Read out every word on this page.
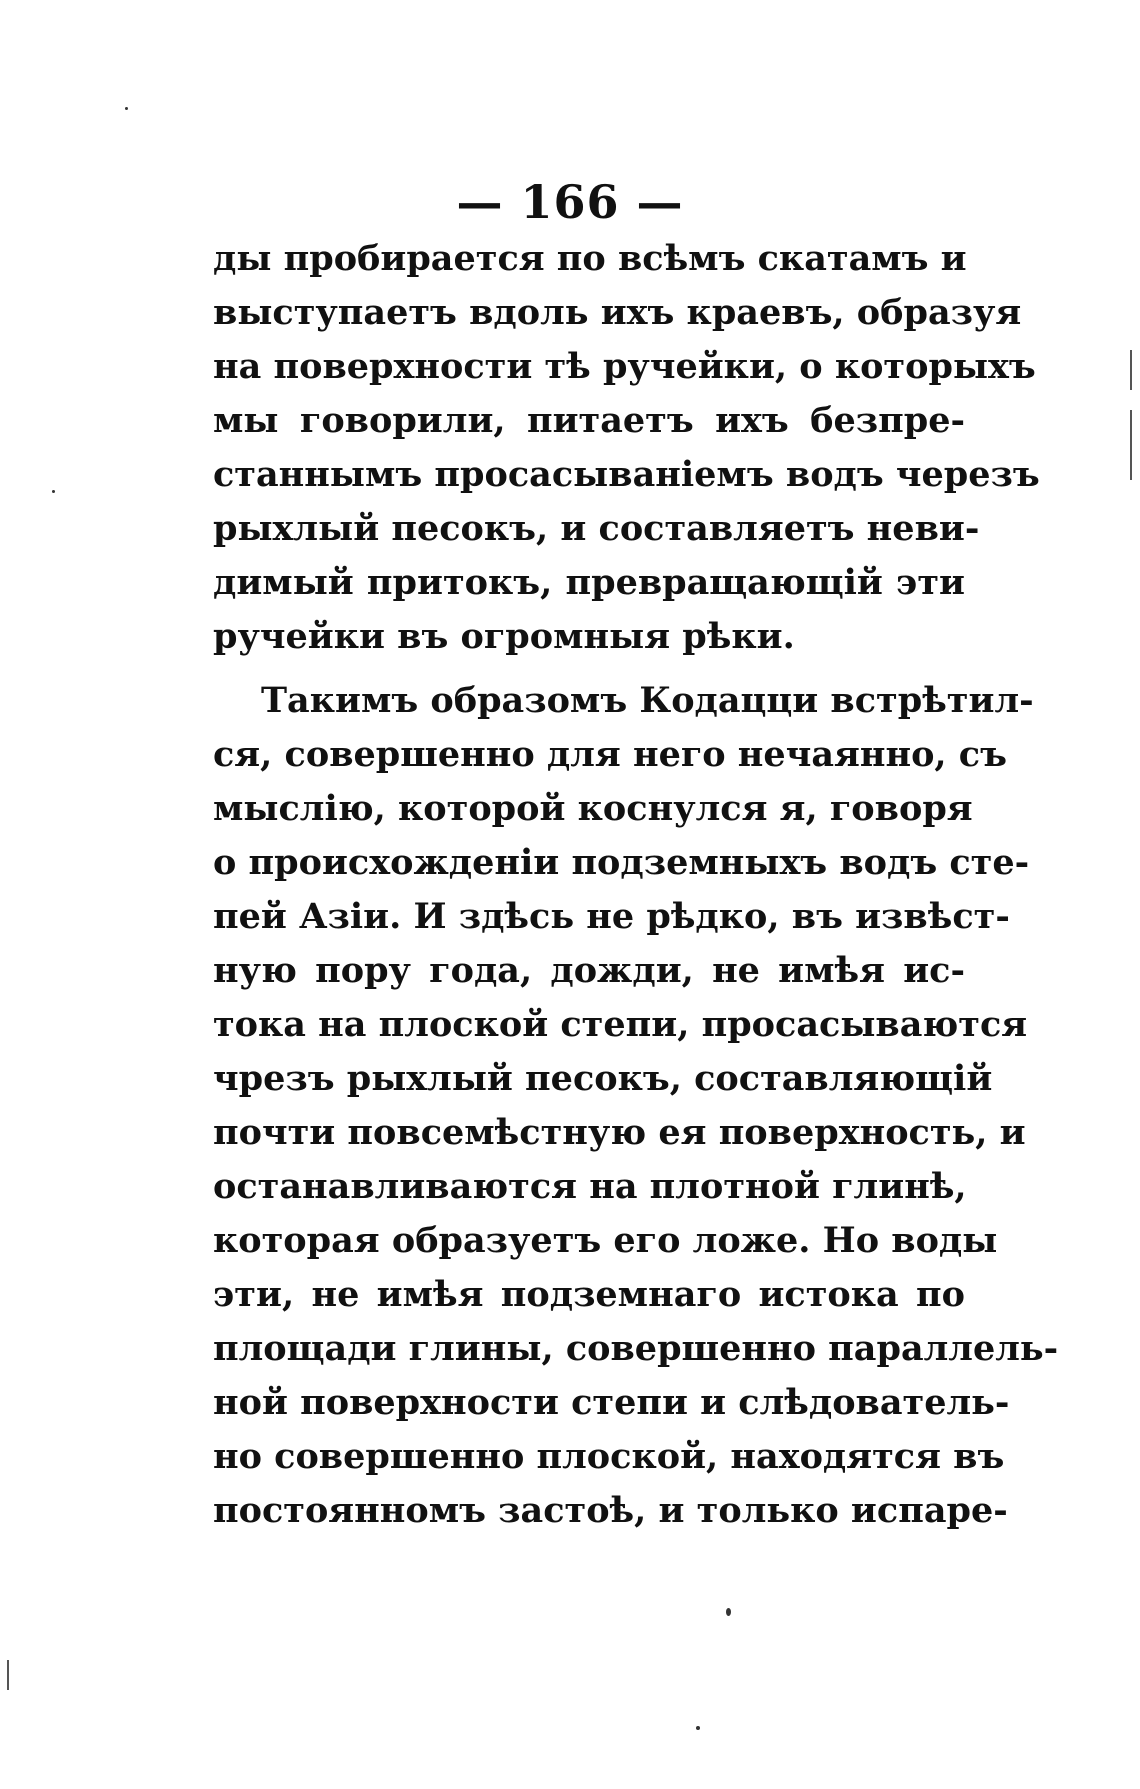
— 166 —
ды пробирается по всѣмъ скатамъ и
выступаетъ вдоль ихъ краевъ, образуя
на поверхности тѣ ручейки, о которыхъ
мы говорили, питаетъ ихъ безпре-
станнымъ просасываніемъ водъ черезъ
рыхлый песокъ, и составляетъ неви-
димый притокъ, превращающій эти
ручейки въ огромныя рѣки.
Такимъ образомъ Кодацци встрѣтил-
ся, совершенно для него нечаянно, съ
мыслію, которой коснулся я, говоря
о происхожденіи подземныхъ водъ сте-
пей Азіи. И здѣсь не рѣдко, въ извѣст-
ную пору года, дожди, не имѣя ис-
тока на плоской степи, просасываются
чрезъ рыхлый песокъ, составляющій
почти повсемѣстную ея поверхность, и
останавливаются на плотной глинѣ,
которая образуетъ его ложе. Но воды
эти, не имѣя подземнаго истока по
площади глины, совершенно параллель-
ной поверхности степи и слѣдователь-
но совершенно плоской, находятся въ
постоянномъ застоѣ, и только испаре-
